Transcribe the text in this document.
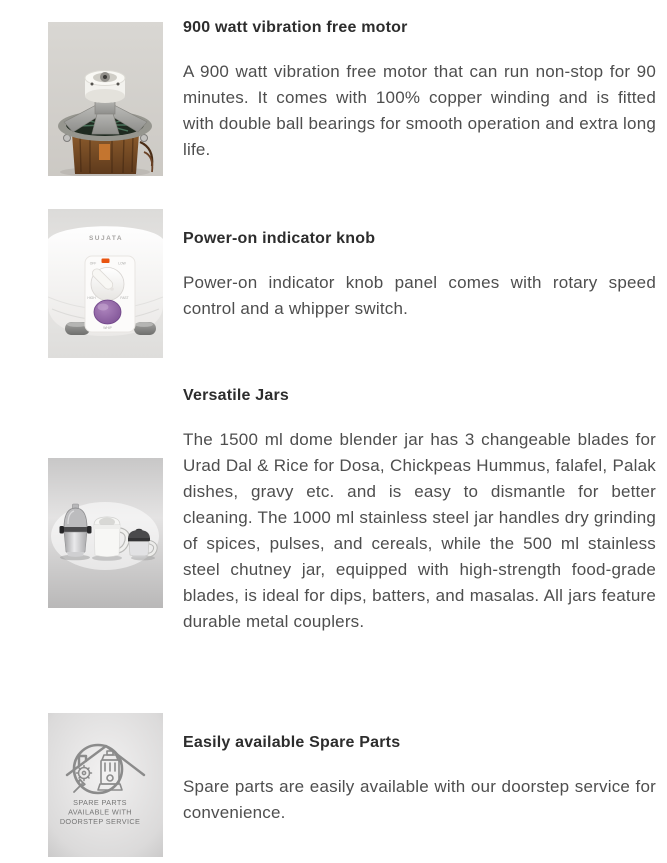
900 watt vibration free motor

A 900 watt vibration free motor that can run non-stop for 90 minutes. It comes with 100% copper winding and is fitted with double ball bearings for smooth operation and extra long life.

SUJATA
OFF	LOW
HIGH	FAST
WHIP
Power-on indicator knob

Power-on indicator knob panel comes with rotary speed control and a whipper switch.

Versatile Jars

The 1500 ml dome blender jar has 3 changeable blades for Urad Dal & Rice for Dosa, Chickpeas Hummus, falafel, Palak dishes, gravy etc. and is easy to dismantle for better cleaning. The 1000 ml stainless steel jar handles dry grinding of spices, pulses, and cereals, while the 500 ml stainless steel chutney jar, equipped with high-strength food-grade blades, is ideal for dips, batters, and masalas. All jars feature durable metal couplers.

SPARE PARTS
AVAILABLE WITH
DOORSTEP SERVICE
Easily available Spare Parts

Spare parts are easily available with our doorstep service for convenience.
